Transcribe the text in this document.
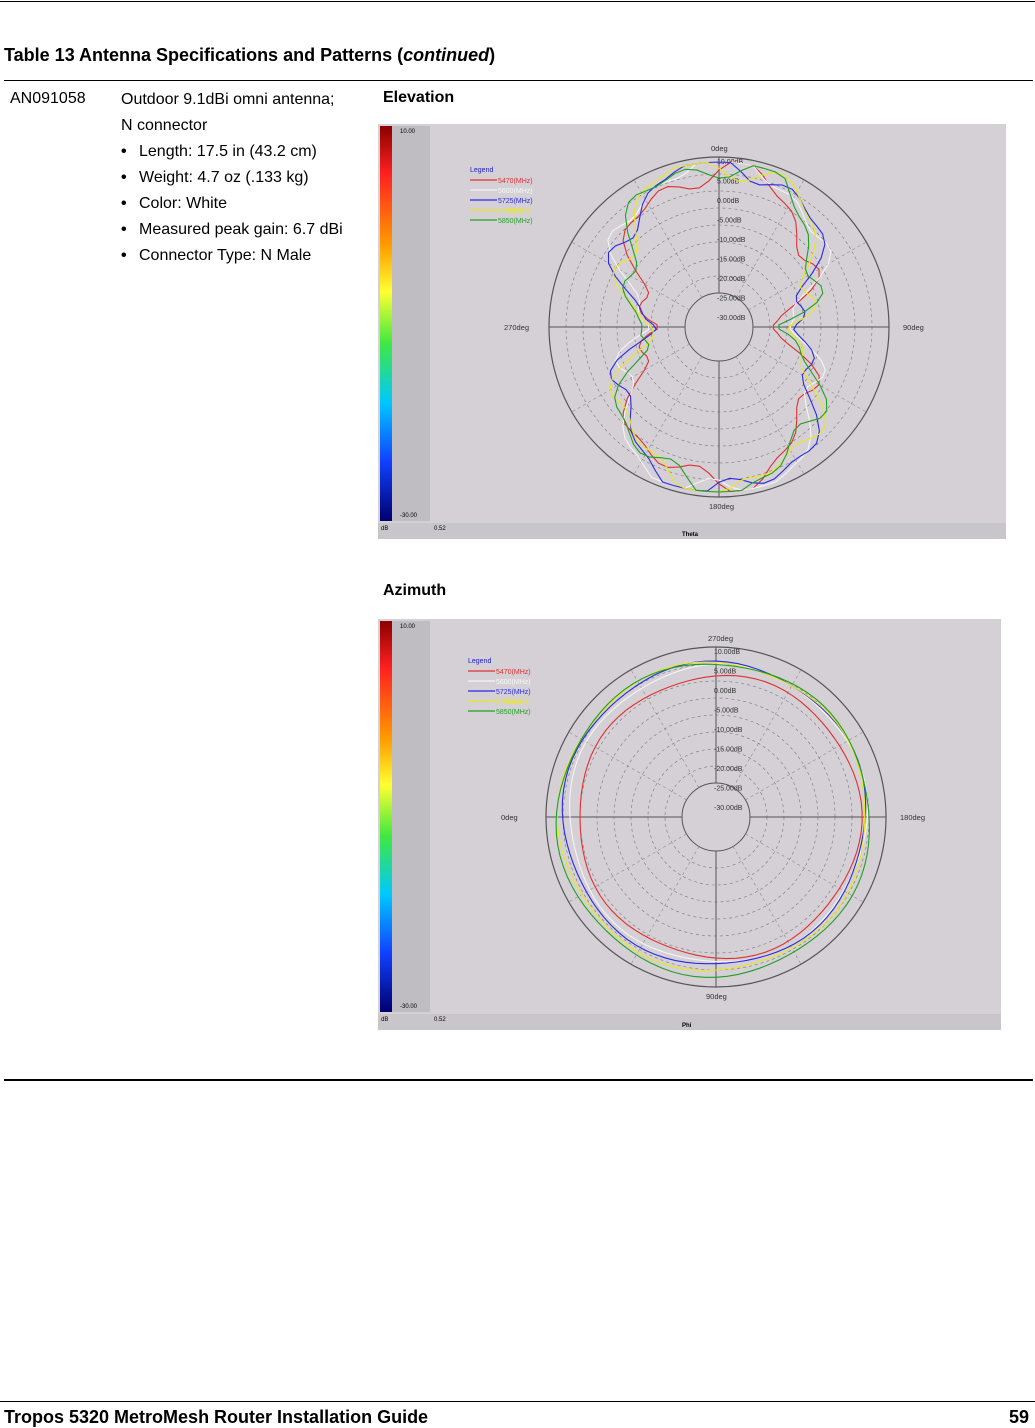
Table 13 Antenna Specifications and Patterns (continued)
AN091058 Outdoor 9.1dBi omni antenna;

N connector

• Length: 17.5 in (43.2 cm)
• Weight: 4.7 oz (.133 kg)
• Color: White
• Measured peak gain: 6.7 dBi
• Connector Type: N Male
Elevation
10.00
-30.00
dB	0.52
Theta
10.00dB
5.00dB
0.00dB
-5.00dB
-10.00dB
-15.00dB
-20.00dB
-25.00dB
-30.00dB
0deg
90deg
180deg
270deg
Legend
5470(MHz)
5600(MHz)
5725(MHz)
5760(MHz)
5850(MHz)
Azimuth
10.00
-30.00
dB	0.52
Phi
10.00dB
5.00dB
0.00dB
-5.00dB
-10.00dB
-15.00dB
-20.00dB
-25.00dB
-30.00dB
270deg
180deg
90deg
0deg
Legend
5470(MHz)
5600(MHz)
5725(MHz)
5760(MHz)
5850(MHz)
Tropos 5320 MetroMesh Router Installation Guide	59
